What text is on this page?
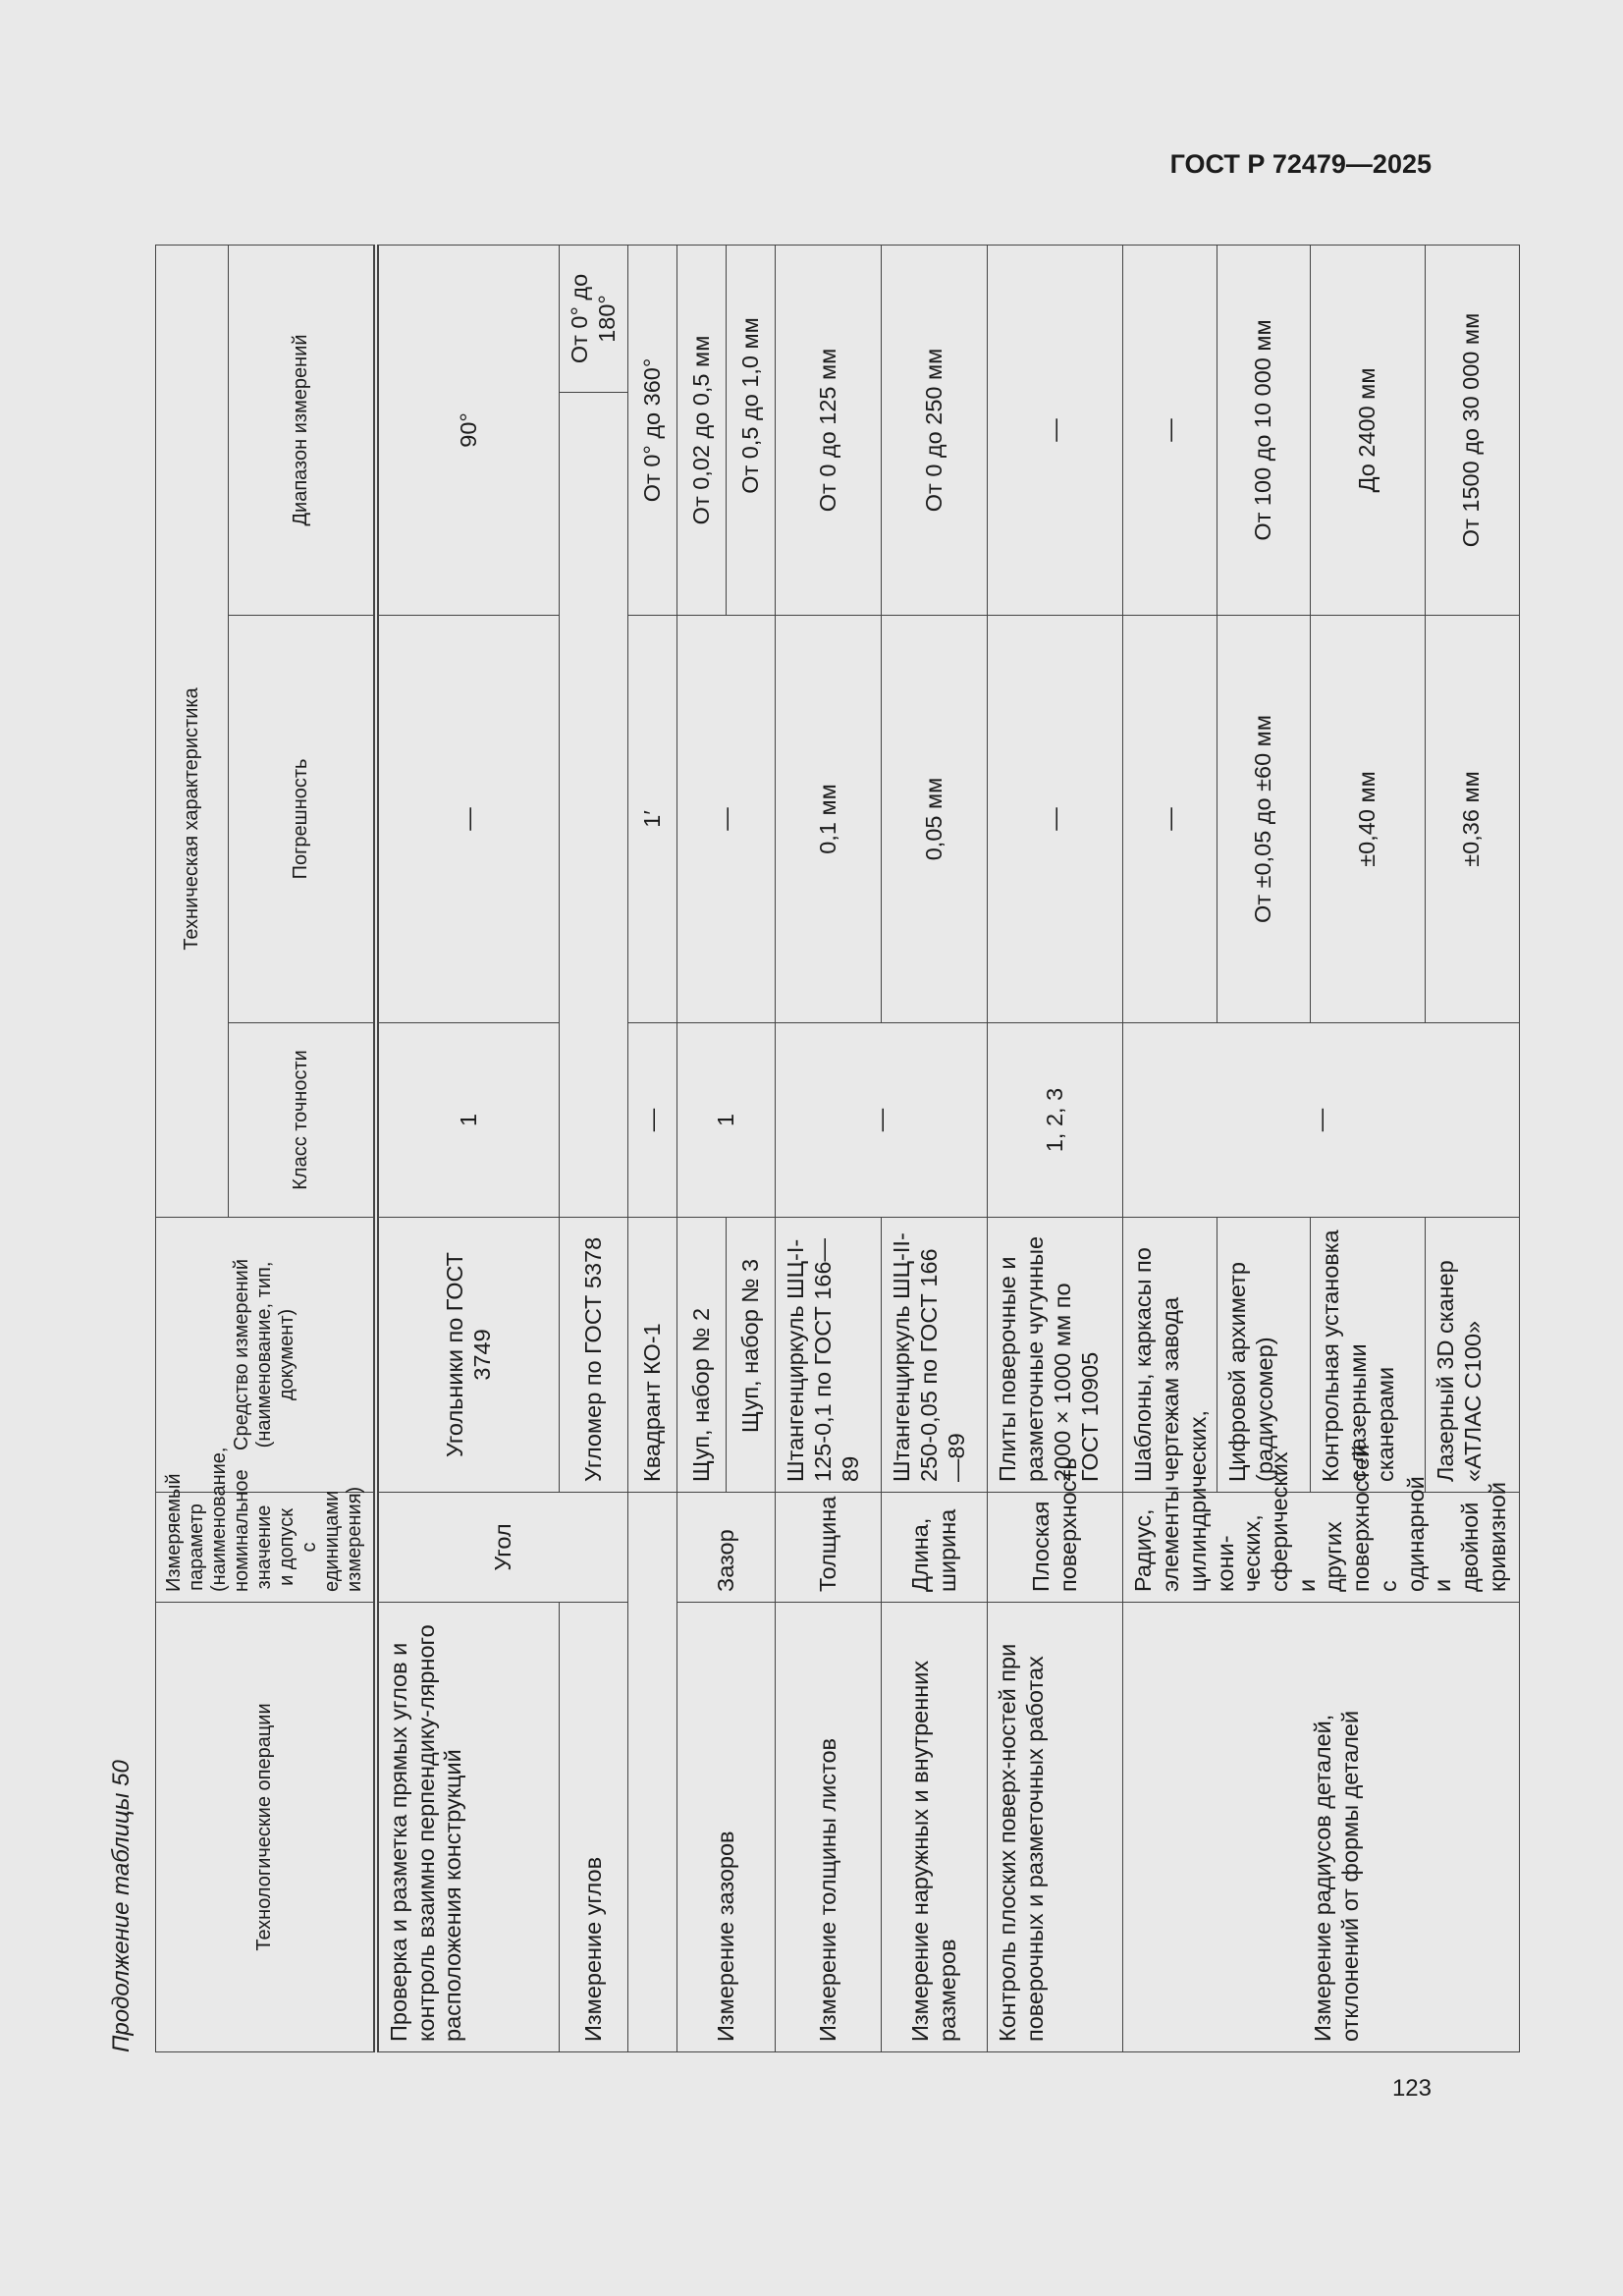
ГОСТ Р 72479—2025
123
Продолжение таблицы 50	Технологические операции		Измеряемый параметр (наименование, номинальное значение и допуск с единицами измерения)	Средство измерений (наименование, тип, документ)		Техническая характеристика		
				Класс точности	Погрешность	Диапазон измерений	
Проверка и разметка прямых углов и контроль взаимно перпендику-лярного расположения конструкций		Угол	Угольники по ГОСТ 3749	1	—	90°	

Измерение углов			Угломер по ГОСТ 5378				От 0° до 180°
			Квадрант КО-1	—	1′	От 0° до 360°	
Измерение зазоров		Зазор	Щуп, набор № 2	1	—	От 0,02 до 0,5 мм	
			Щуп, набор № 3			От 0,5 до 1,0 мм	
Измерение толщины листов		Толщина	Штангенциркуль ШЦ-I-125-0,1 по ГОСТ 166—89	—	0,1 мм	От 0 до 125 мм	
Измерение наружных и внутренних размеров		Длина, ширина	Штангенциркуль ШЦ-II-250-0,05 по ГОСТ 166—89		0,05 мм	От 0 до 250 мм	
Контроль плоских поверх-ностей при поверочных и разметочных работах		Плоская поверхность	Плиты поверочные и разметочные чугунные 2000 × 1000 мм по ГОСТ 10905	1, 2, 3	—	—	
Измерение радиусов деталей, отклонений от формы деталей		Радиус, элементы цилиндрических, кони-ческих, сферических и других поверхностей с одинарной и двойной кривизной	Шаблоны, каркасы по чертежам завода	—	—	—	
			Цифровой архиметр (радиусомер)		От ±0,05 до ±60 мм	От 100 до 10 000 мм	
			Контрольная установка с лазерными сканерами		±0,40 мм	До 2400 мм	
			Лазерный 3D сканер «АТЛАС С100»		±0,36 мм	От 1500 до 30 000 мм	
